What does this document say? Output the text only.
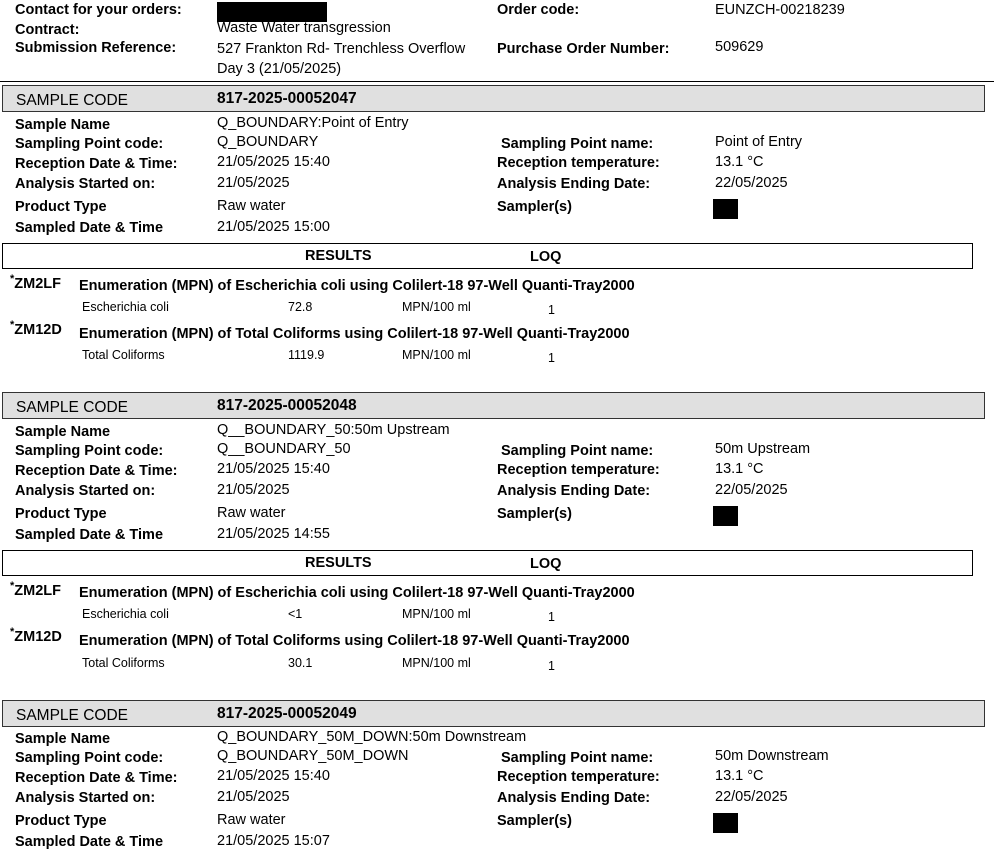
Contact for your orders:
Contract:	Waste Water transgression
Submission Reference:	527 Frankton Rd- Trenchless Overflow
Day 3 (21/05/2025)
Order code:	EUNZCH-00218239
Purchase Order Number:	509629
SAMPLE CODE	817-2025-00052047
Sample Name	Q_BOUNDARY:Point of Entry
Sampling Point code:	Q_BOUNDARY
Reception Date & Time:	21/05/2025 15:40
Analysis Started on:	21/05/2025
Product Type	Raw water
Sampled Date & Time	21/05/2025 15:00
Sampling Point name:	Point of Entry
Reception temperature:	13.1 °C
Analysis Ending Date:	22/05/2025
Sampler(s)
RESULTS	LOQ
*ZM2LF Enumeration (MPN) of Escherichia coli using Colilert-18 97-Well Quanti-Tray2000
Escherichia coli	72.8	MPN/100 ml	1
*ZM12D Enumeration (MPN) of Total Coliforms using Colilert-18 97-Well Quanti-Tray2000
Total Coliforms	1119.9	MPN/100 ml	1
SAMPLE CODE	817-2025-00052048
Sample Name	Q__BOUNDARY_50:50m Upstream
Sampling Point code:	Q__BOUNDARY_50
Reception Date & Time:	21/05/2025 15:40
Analysis Started on:	21/05/2025
Product Type	Raw water
Sampled Date & Time	21/05/2025 14:55
Sampling Point name:	50m Upstream
Reception temperature:	13.1 °C
Analysis Ending Date:	22/05/2025
Sampler(s)
RESULTS	LOQ
*ZM2LF Enumeration (MPN) of Escherichia coli using Colilert-18 97-Well Quanti-Tray2000
Escherichia coli	<1	MPN/100 ml	1
*ZM12D Enumeration (MPN) of Total Coliforms using Colilert-18 97-Well Quanti-Tray2000
Total Coliforms	30.1	MPN/100 ml	1
SAMPLE CODE	817-2025-00052049
Sample Name	Q_BOUNDARY_50M_DOWN:50m Downstream
Sampling Point code:	Q_BOUNDARY_50M_DOWN
Reception Date & Time:	21/05/2025 15:40
Analysis Started on:	21/05/2025
Product Type	Raw water
Sampled Date & Time	21/05/2025 15:07
Sampling Point name:	50m Downstream
Reception temperature:	13.1 °C
Analysis Ending Date:	22/05/2025
Sampler(s)
